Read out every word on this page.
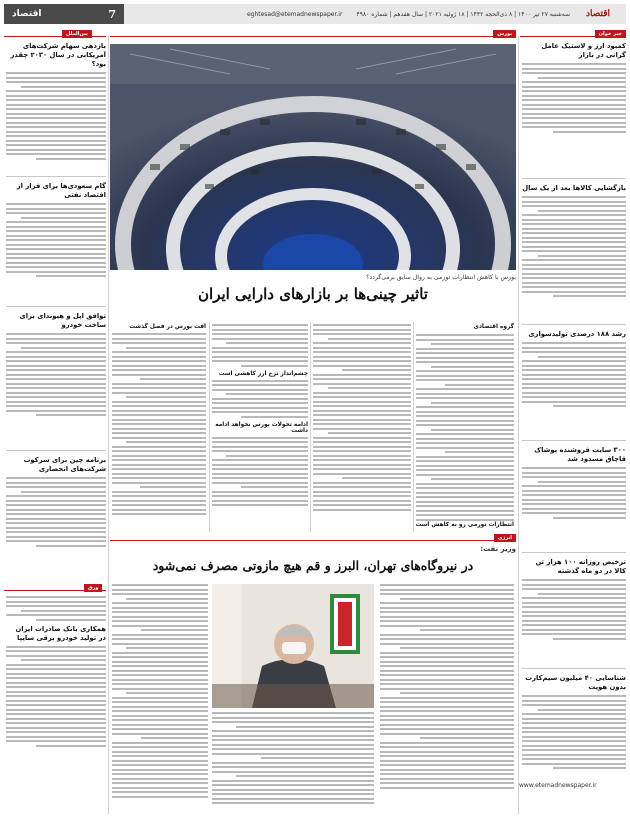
اقتصاد
سه‌شنبه ۲۷ تیر ۱۴۰۰ | ۸ ذی‌الحجه ۱۴۴۲ | ۱۸ ژوئیه ۲۰۲۱ | سال هفدهم | شماره ۴۹۸۰
eghtesad@etemadnewspaper.ir
7
اقتصاد
خبر خوان
بورس
بین‌الملل
بورس با کاهش انتظارات تورمی به روال سابق برمی‌گردد؟
تاثیر چینی‌ها بر بازارهای دارایی ایران
گروه اقتصادی
چشم‌انداز نرخ ارز کاهشی است
ادامه تحولات بورس نخواهد ادامه داشت
افت بورس در فصل گذشت
انتظارات تورمی رو به کاهش است
انرژی
وزیر نفت:
در نیروگاه‌های تهران، البرز و قم هیچ مازوتی مصرف نمی‌شود
کمبود ارز و لاستیک عامل گرانی در بازار
بازگشایی کالاها بعد از یک سال
رشد ۱۸۸ درصدی تولیدسواری
۳۰۰ سایت فروشنده پوشاک قاچاق مسدود شد
ترخیص روزانه ۱۰۰ هزار تن کالا در دو ماه گذشته
شناسایی ۴۰ میلیون سیم‌کارت بدون هویت
www.etemadnewspaper.ir
بازدهی سهام شرکت‌های آمریکایی در سال ۲۰۳۰ چقدر بود؟
گام سعودی‌ها برای فرار از اقتصاد نفتی
توافق اپل و هیوندای برای ساخت خودرو
برنامه چین برای سرکوب شرکت‌های انحصاری
ورق
همکاری بانک صادرات ایران در تولید خودرو برقی سایپا
